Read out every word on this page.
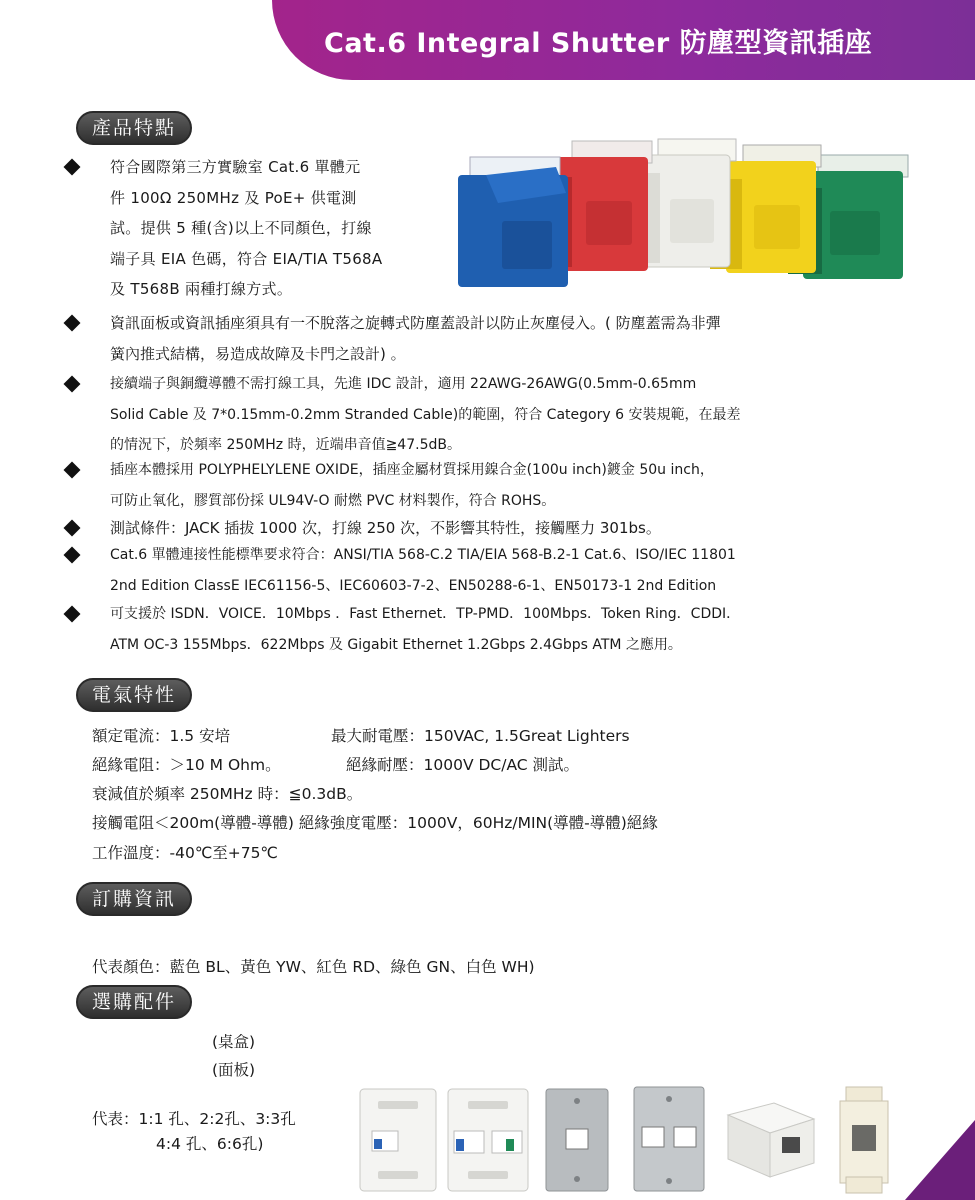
Cat.6 Integral Shutter 防塵型資訊插座
產品特點
符合國際第三方實驗室 Cat.6 單體元
件 100Ω 250MHz 及 PoE+ 供電測
試。提供 5 種(含)以上不同顏色，打線
端子具 EIA 色碼，符合 EIA/TIA T568A
及 T568B 兩種打線方式。
資訊面板或資訊插座須具有一不脫落之旋轉式防塵蓋設計以防止灰塵侵入。( 防塵蓋需為非彈
簧內推式結構，易造成故障及卡門之設計) 。
接續端子與銅纜導體不需打線工具，先進 IDC 設計，適用 22AWG-26AWG(0.5mm-0.65mm
Solid Cable 及 7*0.15mm-0.2mm Stranded Cable)的範圍，符合 Category 6 安裝規範，在最差
的情況下，於頻率 250MHz 時，近端串音值≧47.5dB。
插座本體採用 POLYPHELYLENE OXIDE，插座金屬材質採用鎳合金(100u inch)鍍金 50u inch，
可防止氧化，膠質部份採 UL94V-O 耐燃 PVC 材料製作，符合 ROHS。
測試條件：JACK 插拔 1000 次，打線 250 次，不影響其特性，接觸壓力 301bs。
Cat.6 單體連接性能標準要求符合：ANSI/TIA 568-C.2 TIA/EIA 568-B.2-1 Cat.6、ISO/IEC 11801
2nd Edition ClassE IEC61156-5、IEC60603-7-2、EN50288-6-1、EN50173-1 2nd Edition
可支援於 ISDN．VOICE．10Mbps ．Fast Ethernet．TP-PMD．100Mbps．Token Ring．CDDI．
ATM OC-3 155Mbps．622Mbps 及 Gigabit Ethernet 1.2Gbps 2.4Gbps ATM 之應用。
電氣特性
額定電流：1.5 安培	最大耐電壓：150VAC, 1.5Great Lighters
絕緣電阻：＞10 M Ohm。	絕緣耐壓：1000V DC/AC 測試。
衰減值於頻率 250MHz 時：≦0.3dB。
接觸電阻＜200m(導體-導體) 絕緣強度電壓：1000V，60Hz/MIN(導體-導體)絕緣
工作溫度：-40℃至+75℃
訂購資訊
代表顏色：藍色 BL、黃色 YW、紅色 RD、綠色 GN、白色 WH)
選購配件
(桌盒)
(面板)
代表：1:1 孔、2:2孔、3:3孔
4:4 孔、6:6孔)
